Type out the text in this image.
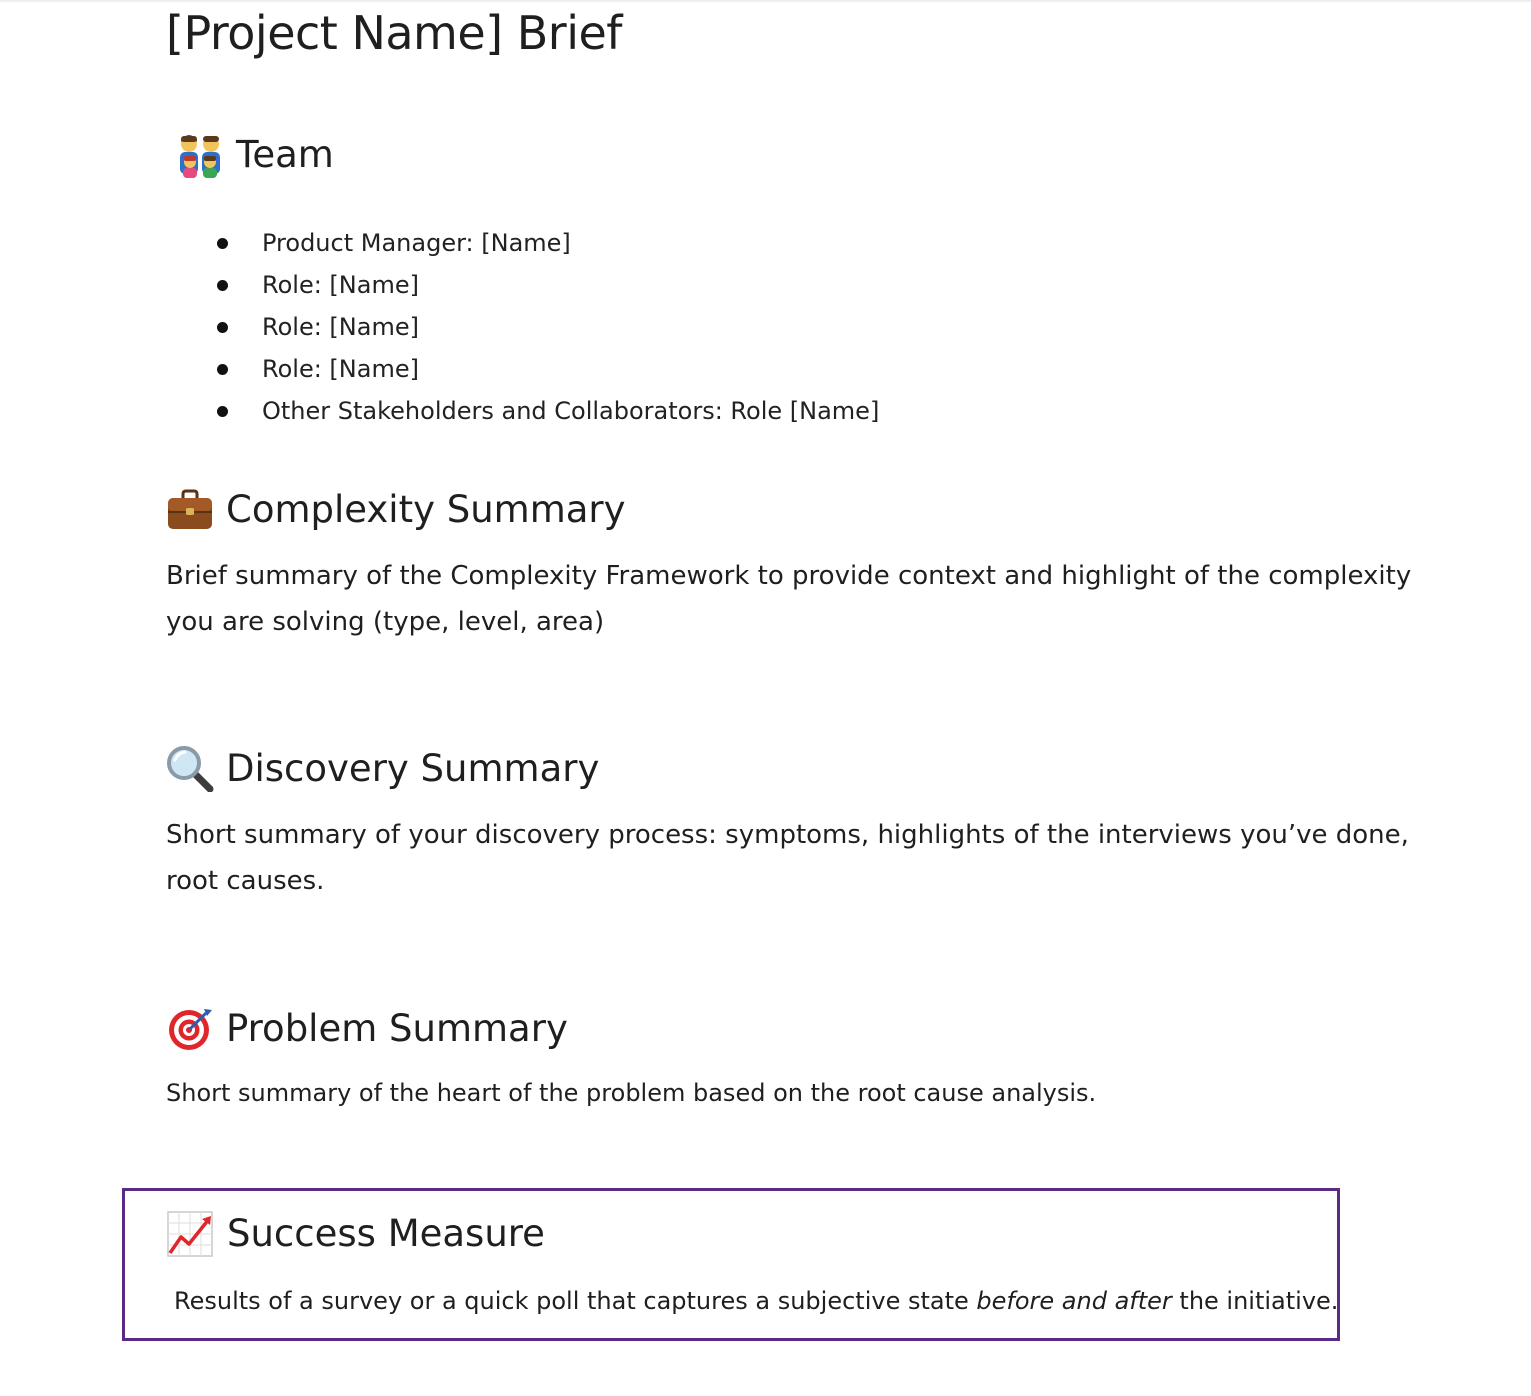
[Project Name] Brief
Team
Product Manager: [Name]
Role: [Name]
Role: [Name]
Role: [Name]
Other Stakeholders and Collaborators: Role [Name]
Complexity Summary

Brief summary of the Complexity Framework to provide context and highlight of the complexity you are solving (type, level, area)

Discovery Summary

Short summary of your discovery process: symptoms, highlights of the interviews you’ve done, root causes.

Problem Summary

Short summary of the heart of the problem based on the root cause analysis.

Success Measure

Results of a survey or a quick poll that captures a subjective state before and after the initiative.
